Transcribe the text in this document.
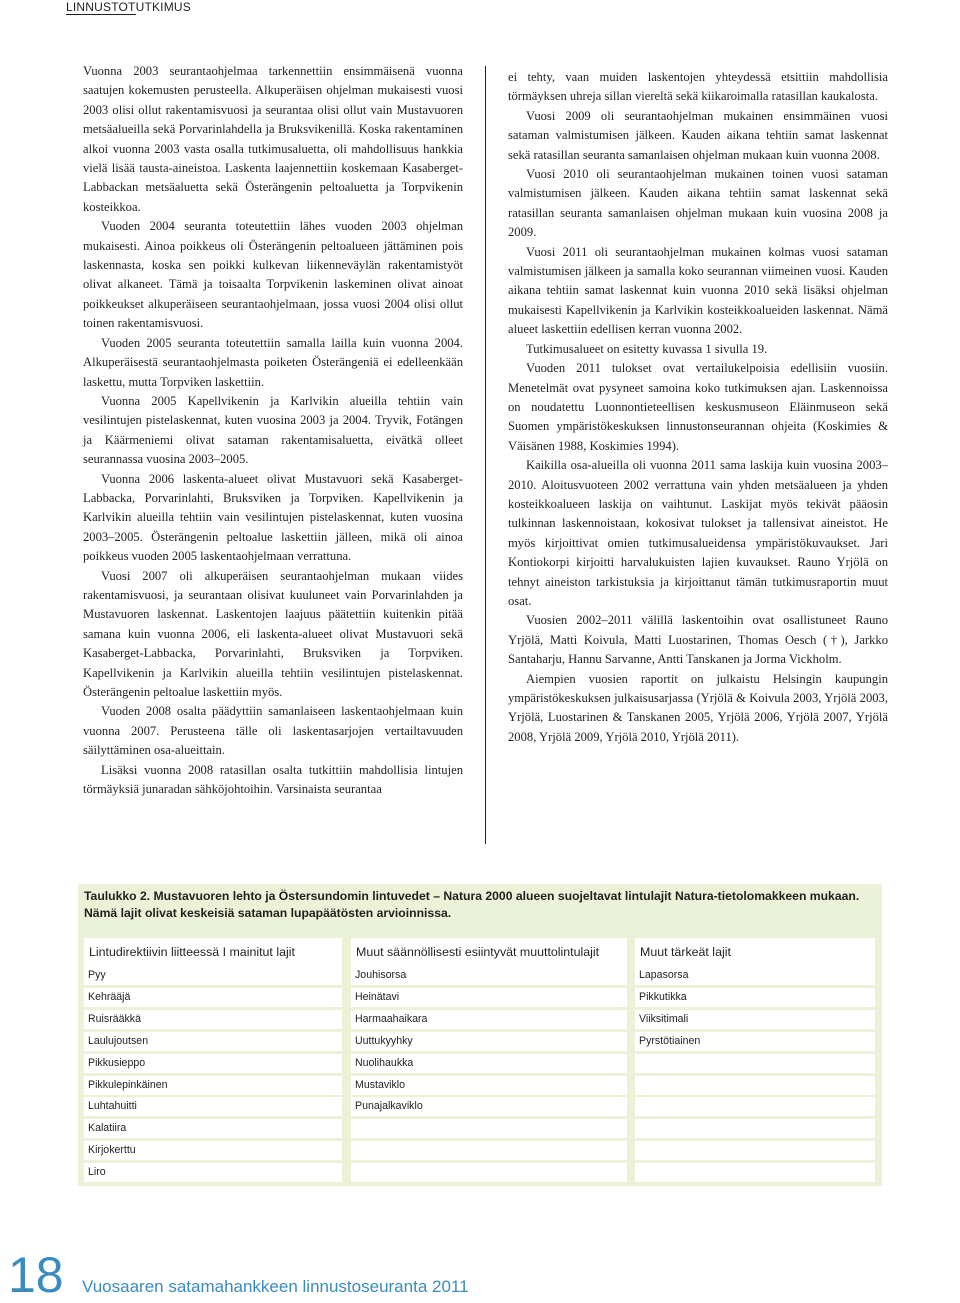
LINNUSTOTUTKIMUS

Vuonna 2003 seurantaohjelmaa tarkennettiin ensimmäisenä vuonna saatujen kokemusten perusteella. Alkuperäisen ohjelman mukaisesti vuosi 2003 olisi ollut rakentamisvuosi ja seurantaa olisi ollut vain Mustavuoren metsäalueilla sekä Porvarinlahdella ja Bruksvikenillä. Koska rakentaminen alkoi vuonna 2003 vasta osalla tutkimusaluetta, oli mahdollisuus hankkia vielä lisää tausta-aineistoa. Laskenta laajennettiin koskemaan Kasaberget-Labbackan metsäaluetta sekä Österängenin peltoaluetta ja Torpvikenin kosteikkoa.

Vuoden 2004 seuranta toteutettiin lähes vuoden 2003 ohjelman mukaisesti. Ainoa poikkeus oli Österängenin peltoalueen jättäminen pois laskennasta, koska sen poikki kulkevan liikenneväylän rakentamistyöt olivat alkaneet. Tämä ja toisaalta Torpvikenin laskeminen olivat ainoat poikkeukset alkuperäiseen seurantaohjelmaan, jossa vuosi 2004 olisi ollut toinen rakentamisvuosi.

Vuoden 2005 seuranta toteutettiin samalla lailla kuin vuonna 2004. Alkuperäisestä seurantaohjelmasta poiketen Österängeniä ei edelleenkään laskettu, mutta Torpviken laskettiin.

Vuonna 2005 Kapellvikenin ja Karlvikin alueilla tehtiin vain vesilintujen pistelaskennat, kuten vuosina 2003 ja 2004. Tryvik, Fotängen ja Käärmeniemi olivat sataman rakentamisaluetta, eivätkä olleet seurannassa vuosina 2003–2005.

Vuonna 2006 laskenta-alueet olivat Mustavuori sekä Kasaberget-Labbacka, Porvarinlahti, Bruksviken ja Torpviken. Kapellvikenin ja Karlvikin alueilla tehtiin vain vesilintujen pistelaskennat, kuten vuosina 2003–2005. Österängenin peltoalue laskettiin jälleen, mikä oli ainoa poikkeus vuoden 2005 laskentaohjelmaan verrattuna.

Vuosi 2007 oli alkuperäisen seurantaohjelman mukaan viides rakentamisvuosi, ja seurantaan olisivat kuuluneet vain Porvarinlahden ja Mustavuoren laskennat. Laskentojen laajuus päätettiin kuitenkin pitää samana kuin vuonna 2006, eli laskenta-alueet olivat Mustavuori sekä Kasaberget-Labbacka, Porvarinlahti, Bruksviken ja Torpviken. Kapellvikenin ja Karlvikin alueilla tehtiin vesilintujen pistelaskennat. Österängenin peltoalue laskettiin myös.

Vuoden 2008 osalta päädyttiin samanlaiseen laskentaohjelmaan kuin vuonna 2007. Perusteena tälle oli laskentasarjojen vertailtavuuden säilyttäminen osa-alueittain.

Lisäksi vuonna 2008 ratasillan osalta tutkittiin mahdollisia lintujen törmäyksiä junaradan sähköjohtoihin. Varsinaista seurantaa

ei tehty, vaan muiden laskentojen yhteydessä etsittiin mahdollisia törmäyksen uhreja sillan viereltä sekä kiikaroimalla ratasillan kaukalosta.

Vuosi 2009 oli seurantaohjelman mukainen ensimmäinen vuosi sataman valmistumisen jälkeen. Kauden aikana tehtiin samat laskennat sekä ratasillan seuranta samanlaisen ohjelman mukaan kuin vuonna 2008.

Vuosi 2010 oli seurantaohjelman mukainen toinen vuosi sataman valmistumisen jälkeen. Kauden aikana tehtiin samat laskennat sekä ratasillan seuranta samanlaisen ohjelman mukaan kuin vuosina 2008 ja 2009.

Vuosi 2011 oli seurantaohjelman mukainen kolmas vuosi sataman valmistumisen jälkeen ja samalla koko seurannan viimeinen vuosi. Kauden aikana tehtiin samat laskennat kuin vuonna 2010 sekä lisäksi ohjelman mukaisesti Kapellvikenin ja Karlvikin kosteikkoalueiden laskennat. Nämä alueet laskettiin edellisen kerran vuonna 2002.

Tutkimusalueet on esitetty kuvassa 1 sivulla 19.

Vuoden 2011 tulokset ovat vertailukelpoisia edellisiin vuosiin. Menetelmät ovat pysyneet samoina koko tutkimuksen ajan. Laskennoissa on noudatettu Luonnontieteellisen keskusmuseon Eläinmuseon sekä Suomen ympäristökeskuksen linnustonseurannan ohjeita (Koskimies & Väisänen 1988, Koskimies 1994).

Kaikilla osa-alueilla oli vuonna 2011 sama laskija kuin vuosina 2003–2010. Aloitusvuoteen 2002 verrattuna vain yhden metsäalueen ja yhden kosteikkoalueen laskija on vaihtunut. Laskijat myös tekivät pääosin tulkinnan laskennoistaan, kokosivat tulokset ja tallensivat aineistot. He myös kirjoittivat omien tutkimusalueidensa ympäristökuvaukset. Jari Kontiokorpi kirjoitti harvalukuisten lajien kuvaukset. Rauno Yrjölä on tehnyt aineiston tarkistuksia ja kirjoittanut tämän tutkimusraportin muut osat.

Vuosien 2002–2011 välillä laskentoihin ovat osallistuneet Rauno Yrjölä, Matti Koivula, Matti Luostarinen, Thomas Oesch (†), Jarkko Santaharju, Hannu Sarvanne, Antti Tanskanen ja Jorma Vickholm.

Aiempien vuosien raportit on julkaistu Helsingin kaupungin ympäristökeskuksen julkaisusarjassa (Yrjölä & Koivula 2003, Yrjölä 2003, Yrjölä, Luostarinen & Tanskanen 2005, Yrjölä 2006, Yrjölä 2007, Yrjölä 2008, Yrjölä 2009, Yrjölä 2010, Yrjölä 2011).

Taulukko 2. Mustavuoren lehto ja Östersundomin lintuvedet – Natura 2000 alueen suojeltavat lintulajit Natura-tietolomakkeen mukaan. Nämä lajit olivat keskeisiä sataman lupapäätösten arvioinnissa.
Lintudirektiivin liitteessä I mainitut lajit	Muut säännöllisesti esiintyvät muuttolintulajit	Muut tärkeät lajit
Pyy
Kehrääjä
Ruisrääkkä
Laulujoutsen
Pikkusieppo
Pikkulepinkäinen
Luhtahuitti
Kalatiira
Kirjokerttu
Liro
Jouhisorsa
Heinätavi
Harmaahaikara
Uuttukyyhky
Nuolihaukka
Mustaviklo
Punajalkaviklo
Lapasorsa
Pikkutikka
Viiksitimali
Pyrstötiainen
18 Vuosaaren satamahankkeen linnustoseuranta 2011
